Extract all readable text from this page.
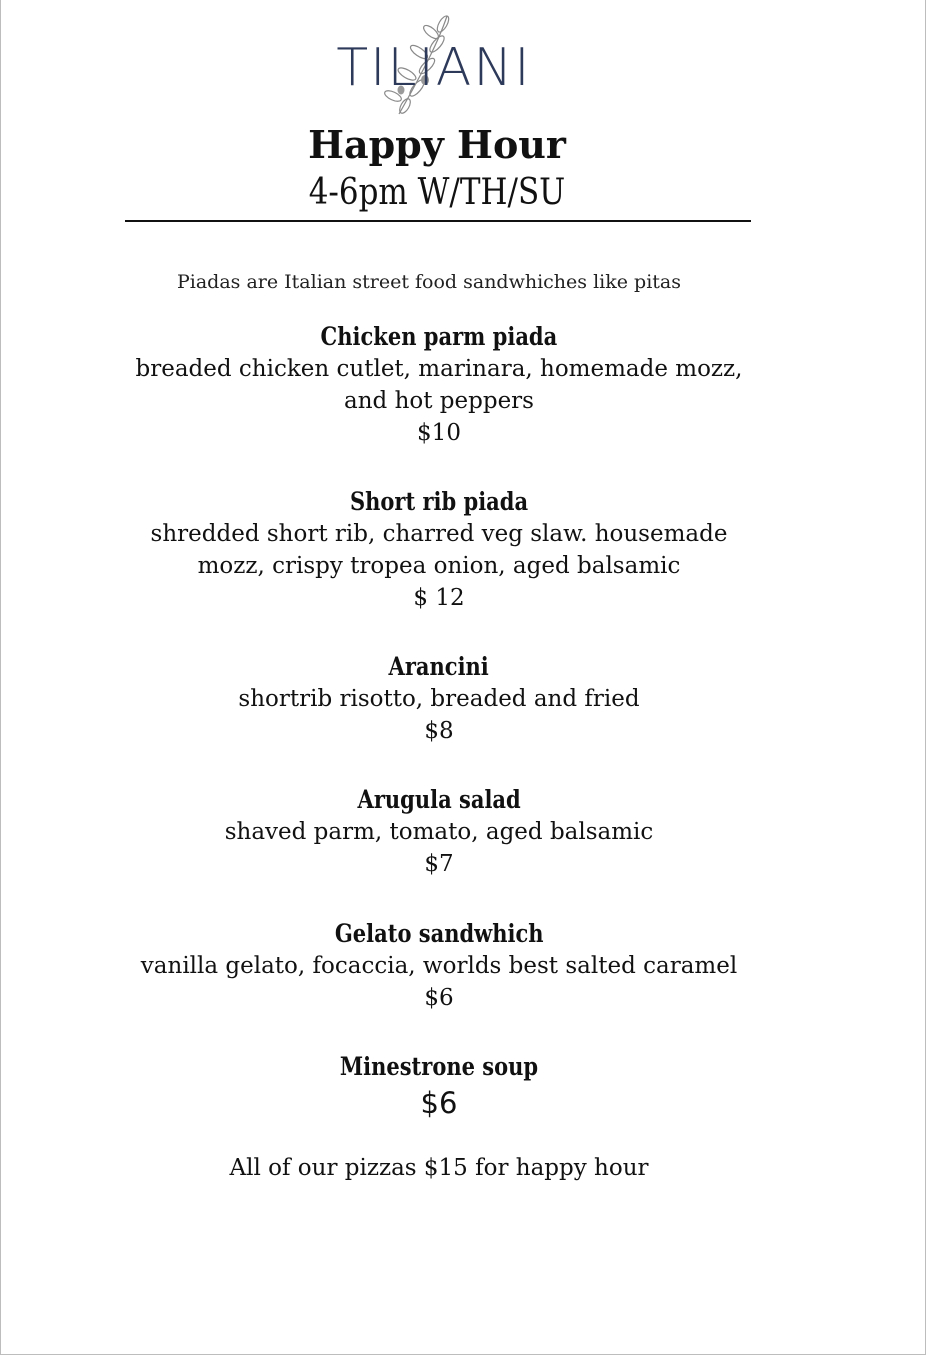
TILIANI
Happy Hour
4-6pm W/TH/SU
Piadas are Italian street food sandwhiches like pitas
Chicken parm piada
breaded chicken cutlet, marinara, homemade mozz,
and hot peppers
$10
Short rib piada
shredded short rib, charred veg slaw. housemade
mozz, crispy tropea onion, aged balsamic
$ 12
Arancini
shortrib risotto, breaded and fried
$8
Arugula salad
shaved parm, tomato, aged balsamic
$7
Gelato sandwhich
vanilla gelato, focaccia, worlds best salted caramel
$6
Minestrone soup
$6
All of our pizzas $15 for happy hour
